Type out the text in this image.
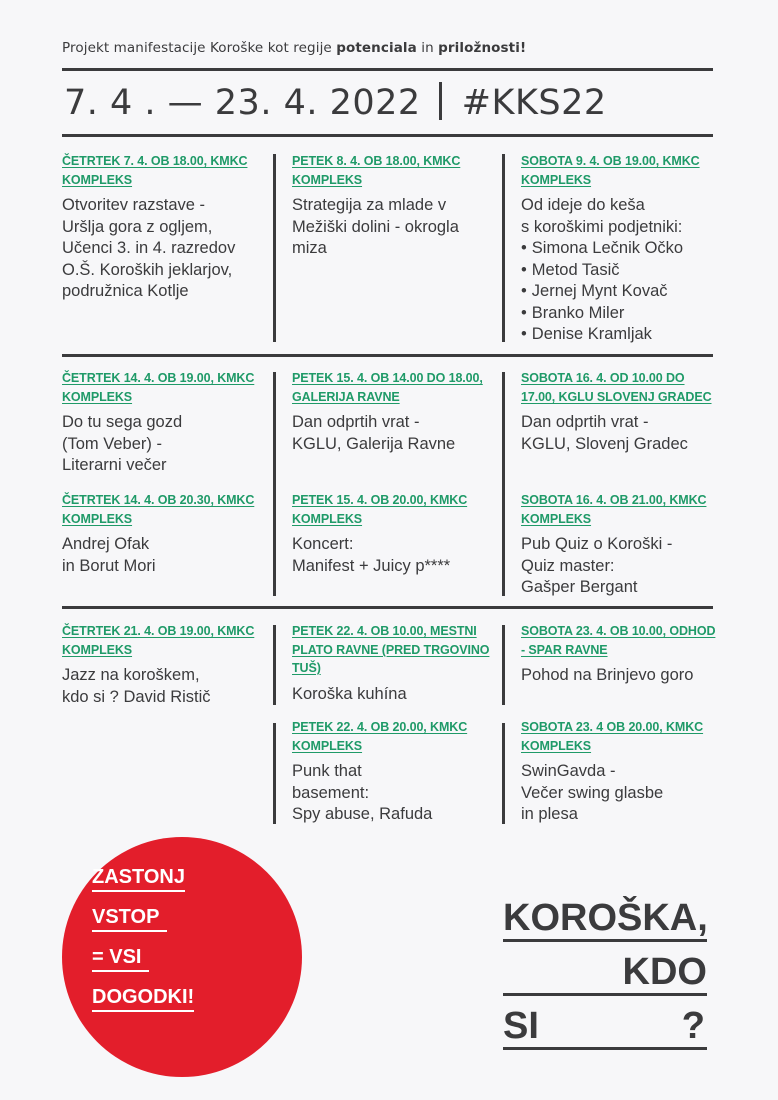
Projekt manifestacije Koroške kot regije potenciala in priložnosti!
7. 4 . — 23. 4. 2022 #KKS22
ČETRTEK 7. 4. OB 18.00, KMKC KOMPLEKS
Otvoritev razstave -
Uršlja gora z ogljem,
Učenci 3. in 4. razredov
O.Š. Koroških jeklarjov,
podružnica Kotlje
PETEK 8. 4. OB 18.00, KMKC KOMPLEKS
Strategija za mlade v
Mežiški dolini - okrogla
miza
SOBOTA 9. 4. OB 19.00, KMKC KOMPLEKS
Od ideje do keša
s koroškimi podjetniki:
• Simona Lečnik Očko
• Metod Tasič
• Jernej Mynt Kovač
• Branko Miler
• Denise Kramljak
ČETRTEK 14. 4. OB 19.00, KMKC KOMPLEKS
Do tu sega gozd
(Tom Veber) -
Literarni večer
PETEK 15. 4. OB 14.00 DO 18.00, GALERIJA RAVNE
Dan odprtih vrat -
KGLU, Galerija Ravne
SOBOTA 16. 4. OD 10.00 DO 17.00, KGLU SLOVENJ GRADEC
Dan odprtih vrat -
KGLU, Slovenj Gradec
ČETRTEK 14. 4. OB 20.30, KMKC KOMPLEKS
Andrej Ofak
in Borut Mori
PETEK 15. 4. OB 20.00, KMKC KOMPLEKS
Koncert:
Manifest + Juicy p****
SOBOTA 16. 4. OB 21.00, KMKC KOMPLEKS
Pub Quiz o Koroški -
Quiz master:
Gašper Bergant
ČETRTEK 21. 4. OB 19.00, KMKC KOMPLEKS
Jazz na koroškem,
kdo si ? David Ristič
PETEK 22. 4. OB 10.00, MESTNI PLATO RAVNE (PRED TRGOVINO TUŠ)
Koroška kuhína
SOBOTA 23. 4. OB 10.00, ODHOD - SPAR RAVNE
Pohod na Brinjevo goro
PETEK 22. 4. OB 20.00, KMKC KOMPLEKS
Punk that
basement:
Spy abuse, Rafuda
SOBOTA 23. 4 OB 20.00, KMKC KOMPLEKS
SwinGavda -
Večer swing glasbe
in plesa
ZASTONJ
VSTOP
= VSI
DOGODKI!
KOROŠKA,
KDO
SI	?
